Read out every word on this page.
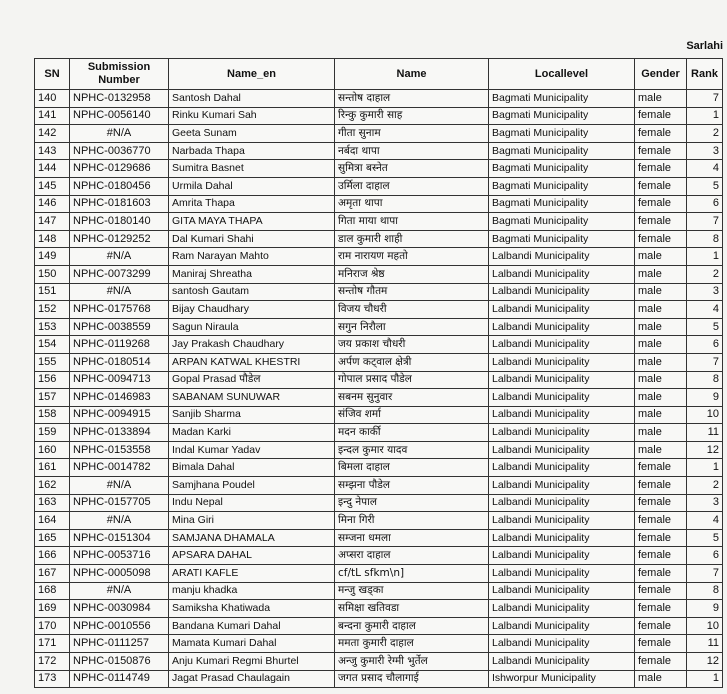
Sarlahi
SN	Submission Number	Name_en	Name	Locallevel	Gender	Rank
140	NPHC-0132958	Santosh Dahal	सन्तोष दाहाल	Bagmati Municipality	male	7
141	NPHC-0056140	Rinku Kumari Sah	रिन्कु कुमारी साह	Bagmati Municipality	female	1
142	#N/A	Geeta Sunam	गीता सुनाम	Bagmati Municipality	female	2
143	NPHC-0036770	Narbada Thapa	नर्बदा थापा	Bagmati Municipality	female	3
144	NPHC-0129686	Sumitra Basnet	सुमित्रा बस्नेत	Bagmati Municipality	female	4
145	NPHC-0180456	Urmila Dahal	उर्मिला दाहाल	Bagmati Municipality	female	5
146	NPHC-0181603	Amrita Thapa	अमृता थापा	Bagmati Municipality	female	6
147	NPHC-0180140	GITA MAYA THAPA	गिता माया थापा	Bagmati Municipality	female	7
148	NPHC-0129252	Dal Kumari Shahi	डाल कुमारी शाही	Bagmati Municipality	female	8
149	#N/A	Ram Narayan Mahto	राम नारायण महतो	Lalbandi Municipality	male	1
150	NPHC-0073299	Maniraj Shreatha	मनिराज श्रेष्ठ	Lalbandi Municipality	male	2
151	#N/A	santosh Gautam	सन्तोष गौतम	Lalbandi Municipality	male	3
152	NPHC-0175768	Bijay Chaudhary	विजय चौधरी	Lalbandi Municipality	male	4
153	NPHC-0038559	Sagun Niraula	सगुन निरौला	Lalbandi Municipality	male	5
154	NPHC-0119268	Jay Prakash Chaudhary	जय प्रकाश चौधरी	Lalbandi Municipality	male	6
155	NPHC-0180514	ARPAN KATWAL KHESTRI	अर्पण कट्वाल क्षेत्री	Lalbandi Municipality	male	7
156	NPHC-0094713	Gopal Prasad पौडेल	गोपाल प्रसाद पौडेल	Lalbandi Municipality	male	8
157	NPHC-0146983	SABANAM SUNUWAR	सबनम सुनुवार	Lalbandi Municipality	male	9
158	NPHC-0094915	Sanjib Sharma	संजिव शर्मा	Lalbandi Municipality	male	10
159	NPHC-0133894	Madan Karki	मदन कार्की	Lalbandi Municipality	male	11
160	NPHC-0153558	Indal Kumar Yadav	इन्दल कुमार यादव	Lalbandi Municipality	male	12
161	NPHC-0014782	Bimala Dahal	बिमला दाहाल	Lalbandi Municipality	female	1
162	#N/A	Samjhana Poudel	सम्झना पौडेल	Lalbandi Municipality	female	2
163	NPHC-0157705	Indu Nepal	इन्दु नेपाल	Lalbandi Municipality	female	3
164	#N/A	Mina Giri	मिना गिरी	Lalbandi Municipality	female	4
165	NPHC-0151304	SAMJANA DHAMALA	सम्जना धमला	Lalbandi Municipality	female	5
166	NPHC-0053716	APSARA DAHAL	अप्सरा दाहाल	Lalbandi Municipality	female	6
167	NPHC-0005098	ARATI KAFLE	cf/tL sfkm\n]	Lalbandi Municipality	female	7
168	#N/A	manju khadka	मन्जु खड्का	Lalbandi Municipality	female	8
169	NPHC-0030984	Samiksha Khatiwada	समिक्षा खतिवडा	Lalbandi Municipality	female	9
170	NPHC-0010556	Bandana Kumari Dahal	बन्दना कुमारी दाहाल	Lalbandi Municipality	female	10
171	NPHC-0111257	Mamata Kumari Dahal	ममता कुमारी दाहाल	Lalbandi Municipality	female	11
172	NPHC-0150876	Anju Kumari Regmi Bhurtel	अन्जु कुमारी रेग्मी भुर्तेल	Lalbandi Municipality	female	12
173	NPHC-0114749	Jagat Prasad Chaulagain	जगत प्रसाद चौलागाई	Ishworpur Municipality	male	1
